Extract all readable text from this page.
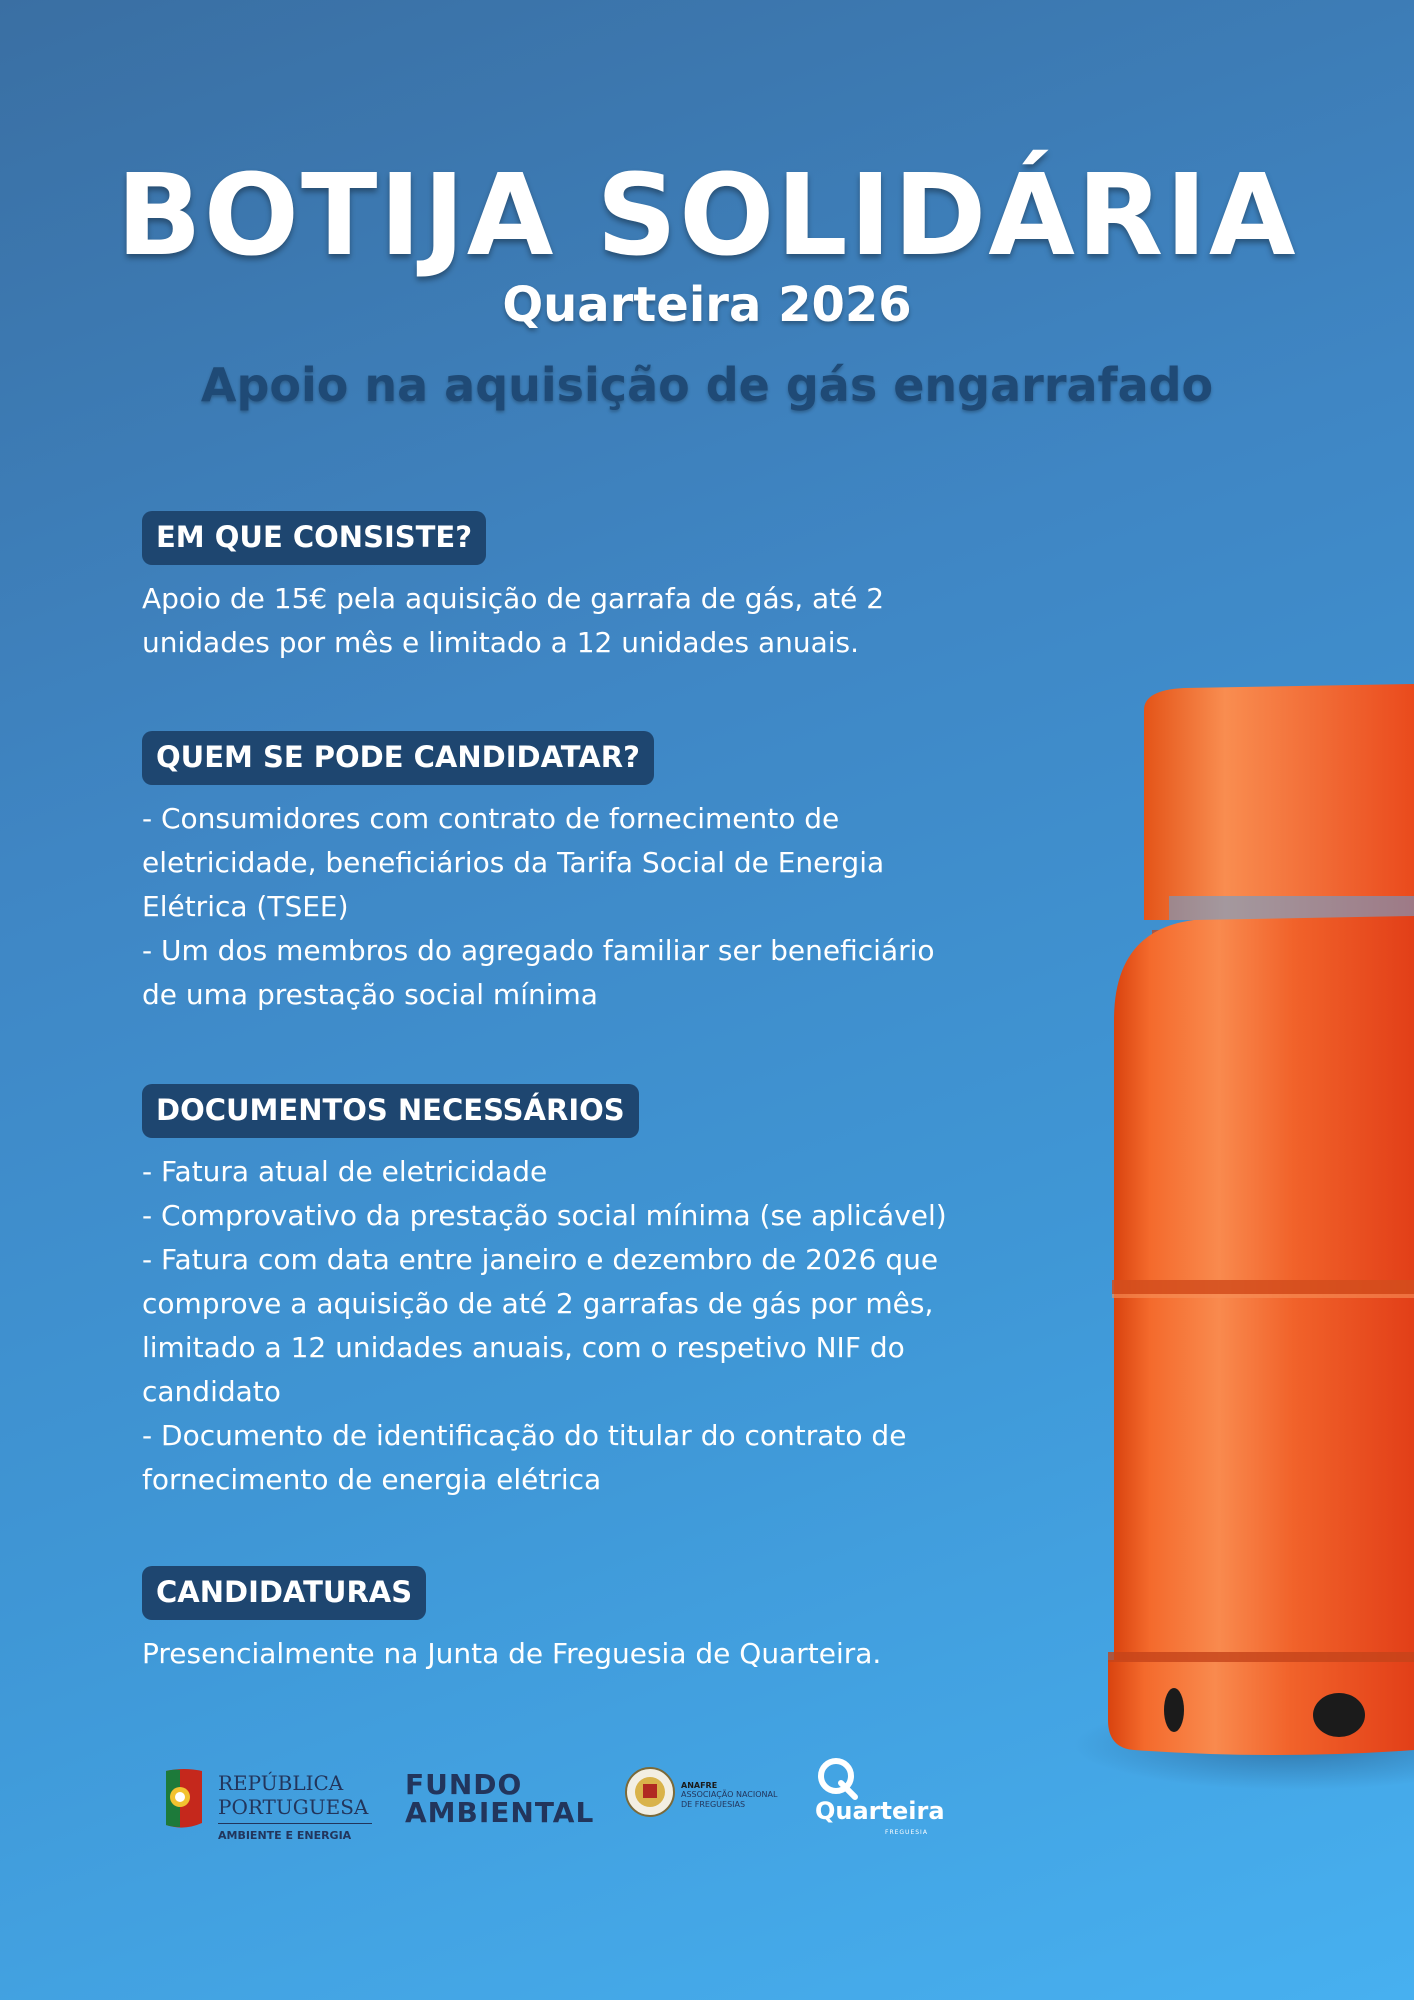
BOTIJA SOLIDÁRIA
Quarteira 2026
Apoio na aquisição de gás engarrafado
EM QUE CONSISTE?
Apoio de 15€ pela aquisição de garrafa de gás, até 2
unidades por mês e limitado a 12 unidades anuais.
QUEM SE PODE CANDIDATAR?
- Consumidores com contrato de fornecimento de
eletricidade, beneficiários da Tarifa Social de Energia
Elétrica (TSEE)
- Um dos membros do agregado familiar ser beneficiário
de uma prestação social mínima
DOCUMENTOS NECESSÁRIOS
- Fatura atual de eletricidade
- Comprovativo da prestação social mínima (se aplicável)
- Fatura com data entre janeiro e dezembro de 2026 que
comprove a aquisição de até 2 garrafas de gás por mês,
limitado a 12 unidades anuais, com o respetivo NIF do
candidato
- Documento de identificação do titular do contrato de
fornecimento de energia elétrica
CANDIDATURAS
Presencialmente na Junta de Freguesia de Quarteira.
REPÚBLICA
PORTUGUESA
AMBIENTE E ENERGIA
FUNDO
AMBIENTAL
ANAFRE
ASSOCIAÇÃO NACIONAL
DE FREGUESIAS	Quarteira
FREGUESIA
